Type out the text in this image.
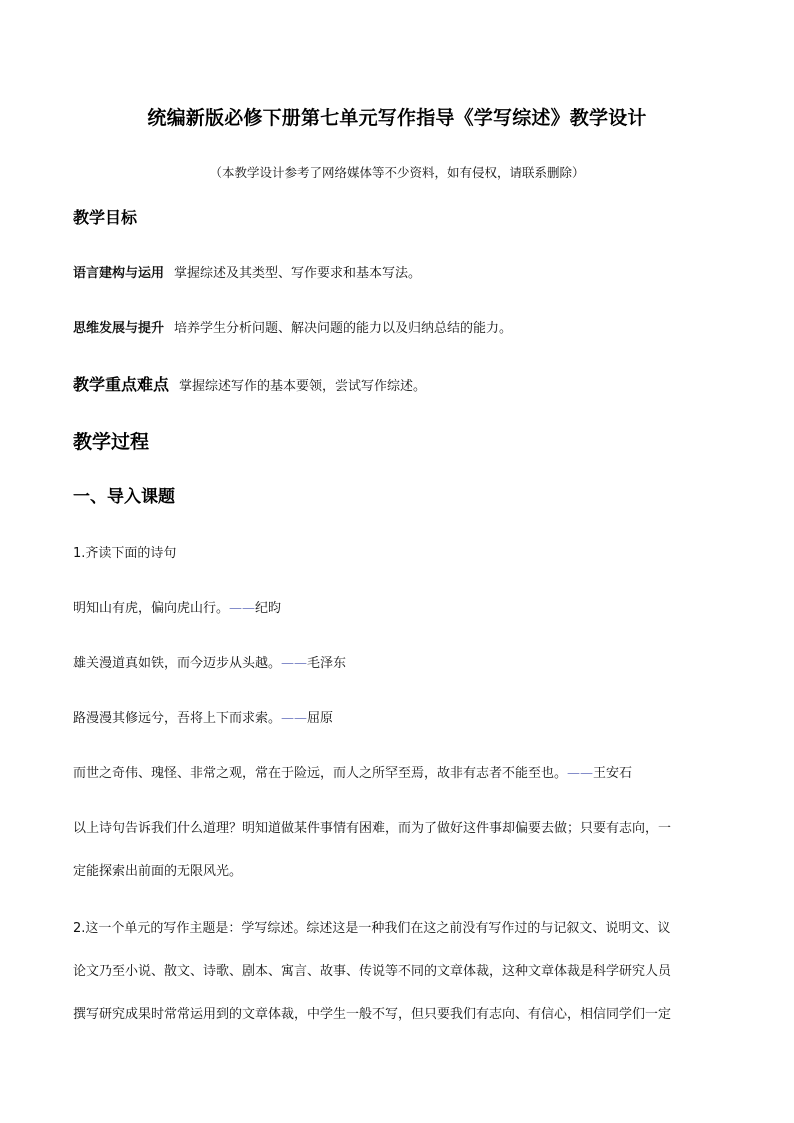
统编新版必修下册第七单元写作指导《学写综述》教学设计
（本教学设计参考了网络媒体等不少资料，如有侵权，请联系删除）
教学目标
语言建构与运用 掌握综述及其类型、写作要求和基本写法。
思维发展与提升 培养学生分析问题、解决问题的能力以及归纳总结的能力。
教学重点难点 掌握综述写作的基本要领，尝试写作综述。
教学过程
一、导入课题
1.齐读下面的诗句
明知山有虎，偏向虎山行。——纪昀
雄关漫道真如铁，而今迈步从头越。——毛泽东
路漫漫其修远兮，吾将上下而求索。——屈原
而世之奇伟、瑰怪、非常之观，常在于险远，而人之所罕至焉，故非有志者不能至也。——王安石
以上诗句告诉我们什么道理？明知道做某件事情有困难，而为了做好这件事却偏要去做；只要有志向，一
定能探索出前面的无限风光。
2.这一个单元的写作主题是：学写综述。综述这是一种我们在这之前没有写作过的与记叙文、说明文、议
论文乃至小说、散文、诗歌、剧本、寓言、故事、传说等不同的文章体裁，这种文章体裁是科学研究人员
撰写研究成果时常常运用到的文章体裁，中学生一般不写，但只要我们有志向、有信心，相信同学们一定
